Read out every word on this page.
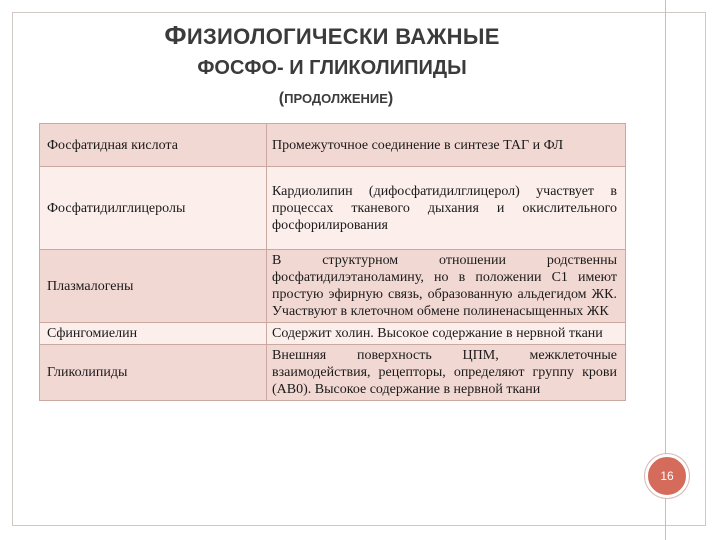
ФИЗИОЛОГИЧЕСКИ ВАЖНЫЕ
ФОСФО- И ГЛИКОЛИПИДЫ
(ПРОДОЛЖЕНИЕ)
Фосфатидная кислота	Промежуточное соединение в синтезе ТАГ и ФЛ
Фосфатидилглицеролы	Кардиолипин (дифосфатидилглицерол) участвует в процессах тканевого дыхания и окислительного фосфорилирования
Плазмалогены	В структурном отношении родственны фосфатидилэтаноламину, но в положении С1 имеют простую эфирную связь, образованную альдегидом ЖК. Участвуют в клеточном обмене полиненасыщенных ЖК
Сфингомиелин	Содержит холин. Высокое содержание в нервной ткани
Гликолипиды	Внешняя поверхность ЦПМ, межклеточные взаимодействия, рецепторы, определяют группу крови (АВ0). Высокое содержание в нервной ткани
16
